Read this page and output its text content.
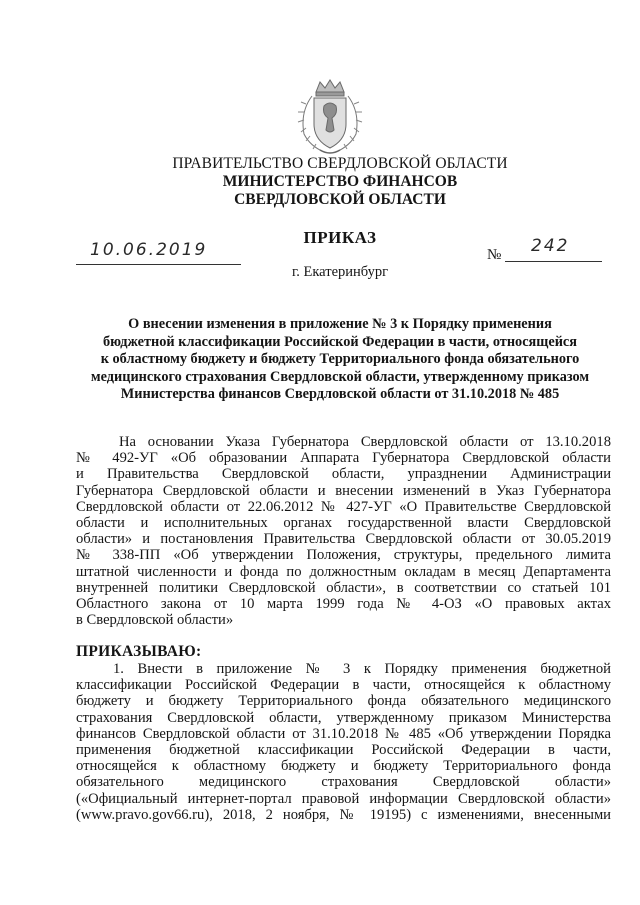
ПРАВИТЕЛЬСТВО СВЕРДЛОВСКОЙ ОБЛАСТИ
МИНИСТЕРСТВО ФИНАНСОВ
СВЕРДЛОВСКОЙ ОБЛАСТИ
ПРИКАЗ
10.06.2019	№ 242
г. Екатеринбург
О внесении изменения в приложение № 3 к Порядку применения
бюджетной классификации Российской Федерации в части, относящейся
к областному бюджету и бюджету Территориального фонда обязательного
медицинского страхования Свердловской области, утвержденному приказом
Министерства финансов Свердловской области от 31.10.2018 № 485
На основании Указа Губернатора Свердловской области от 13.10.2018
№ 492-УГ «Об образовании Аппарата Губернатора Свердловской области
и Правительства Свердловской области, упразднении Администрации
Губернатора Свердловской области и внесении изменений в Указ Губернатора
Свердловской области от 22.06.2012 № 427-УГ «О Правительстве Свердловской
области и исполнительных органах государственной власти Свердловской
области» и постановления Правительства Свердловской области от 30.05.2019
№ 338-ПП «Об утверждении Положения, структуры, предельного лимита
штатной численности и фонда по должностным окладам в месяц Департамента
внутренней политики Свердловской области», в соответствии со статьей 101
Областного закона от 10 марта 1999 года № 4-ОЗ «О правовых актах
в Свердловской области»
ПРИКАЗЫВАЮ:
1. Внести в приложение № 3 к Порядку применения бюджетной
классификации Российской Федерации в части, относящейся к областному
бюджету и бюджету Территориального фонда обязательного медицинского
страхования Свердловской области, утвержденному приказом Министерства
финансов Свердловской области от 31.10.2018 № 485 «Об утверждении Порядка
применения бюджетной классификации Российской Федерации в части,
относящейся к областному бюджету и бюджету Территориального фонда
обязательного медицинского страхования Свердловской области»
(«Официальный интернет-портал правовой информации Свердловской области»
(www.pravo.gov66.ru), 2018, 2 ноября, № 19195) с изменениями, внесенными
